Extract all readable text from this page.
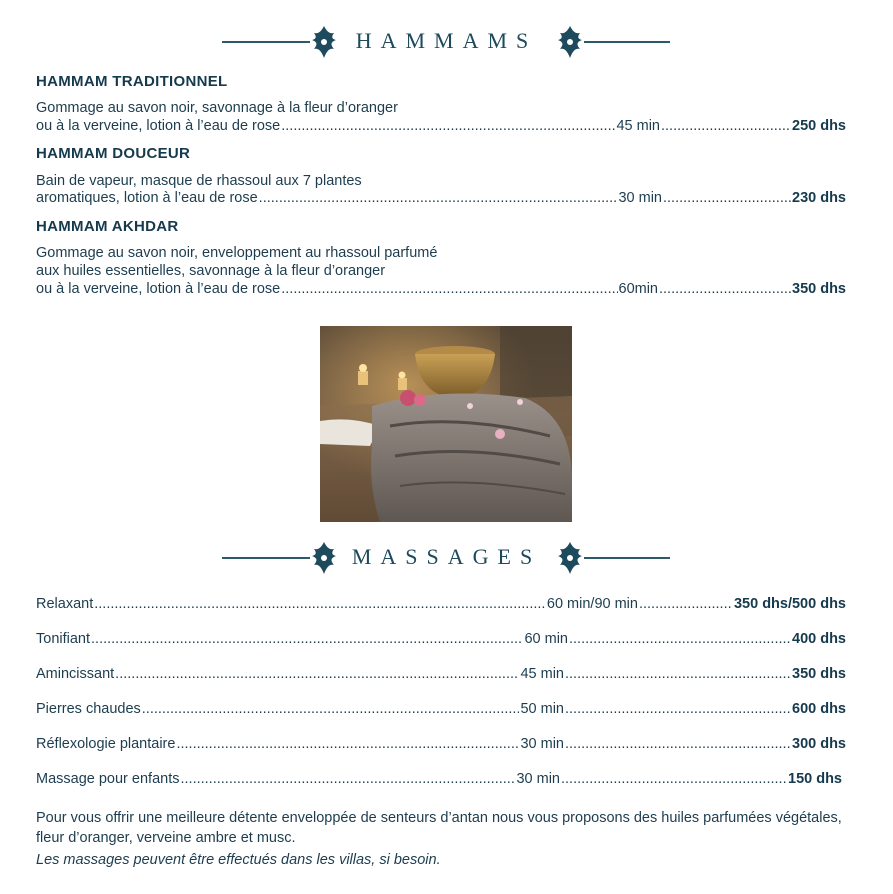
HAMMAMS
HAMMAM TRADITIONNEL
Gommage au savon noir, savonnage à la fleur d’oranger
ou à la verveine, lotion à l’eau de rose .....	45 min .....	250 dhs
HAMMAM DOUCEUR
Bain de vapeur, masque de rhassoul aux 7 plantes
aromatiques, lotion à l’eau de rose .....	30 min .....	230 dhs
HAMMAM AKHDAR
Gommage au savon noir, enveloppement au rhassoul parfumé
aux huiles essentielles, savonnage à la fleur d’oranger
ou à la verveine, lotion à l’eau de rose .....	60min .....	350 dhs
MASSAGES
Relaxant .....	60 min/90 min .....	350 dhs/500 dhs
Tonifiant .....	60 min .....	400 dhs
Amincissant .....	45 min .....	350 dhs
Pierres chaudes .....	50 min .....	600 dhs
Réflexologie plantaire .....	30 min .....	300 dhs
Massage pour enfants .....	30 min .....	150 dhs
Pour vous offrir une meilleure détente enveloppée de senteurs d’antan nous vous proposons des huiles parfumées végétales, fleur d’oranger, verveine ambre et musc.
Les massages peuvent être effectués dans les villas, si besoin.
